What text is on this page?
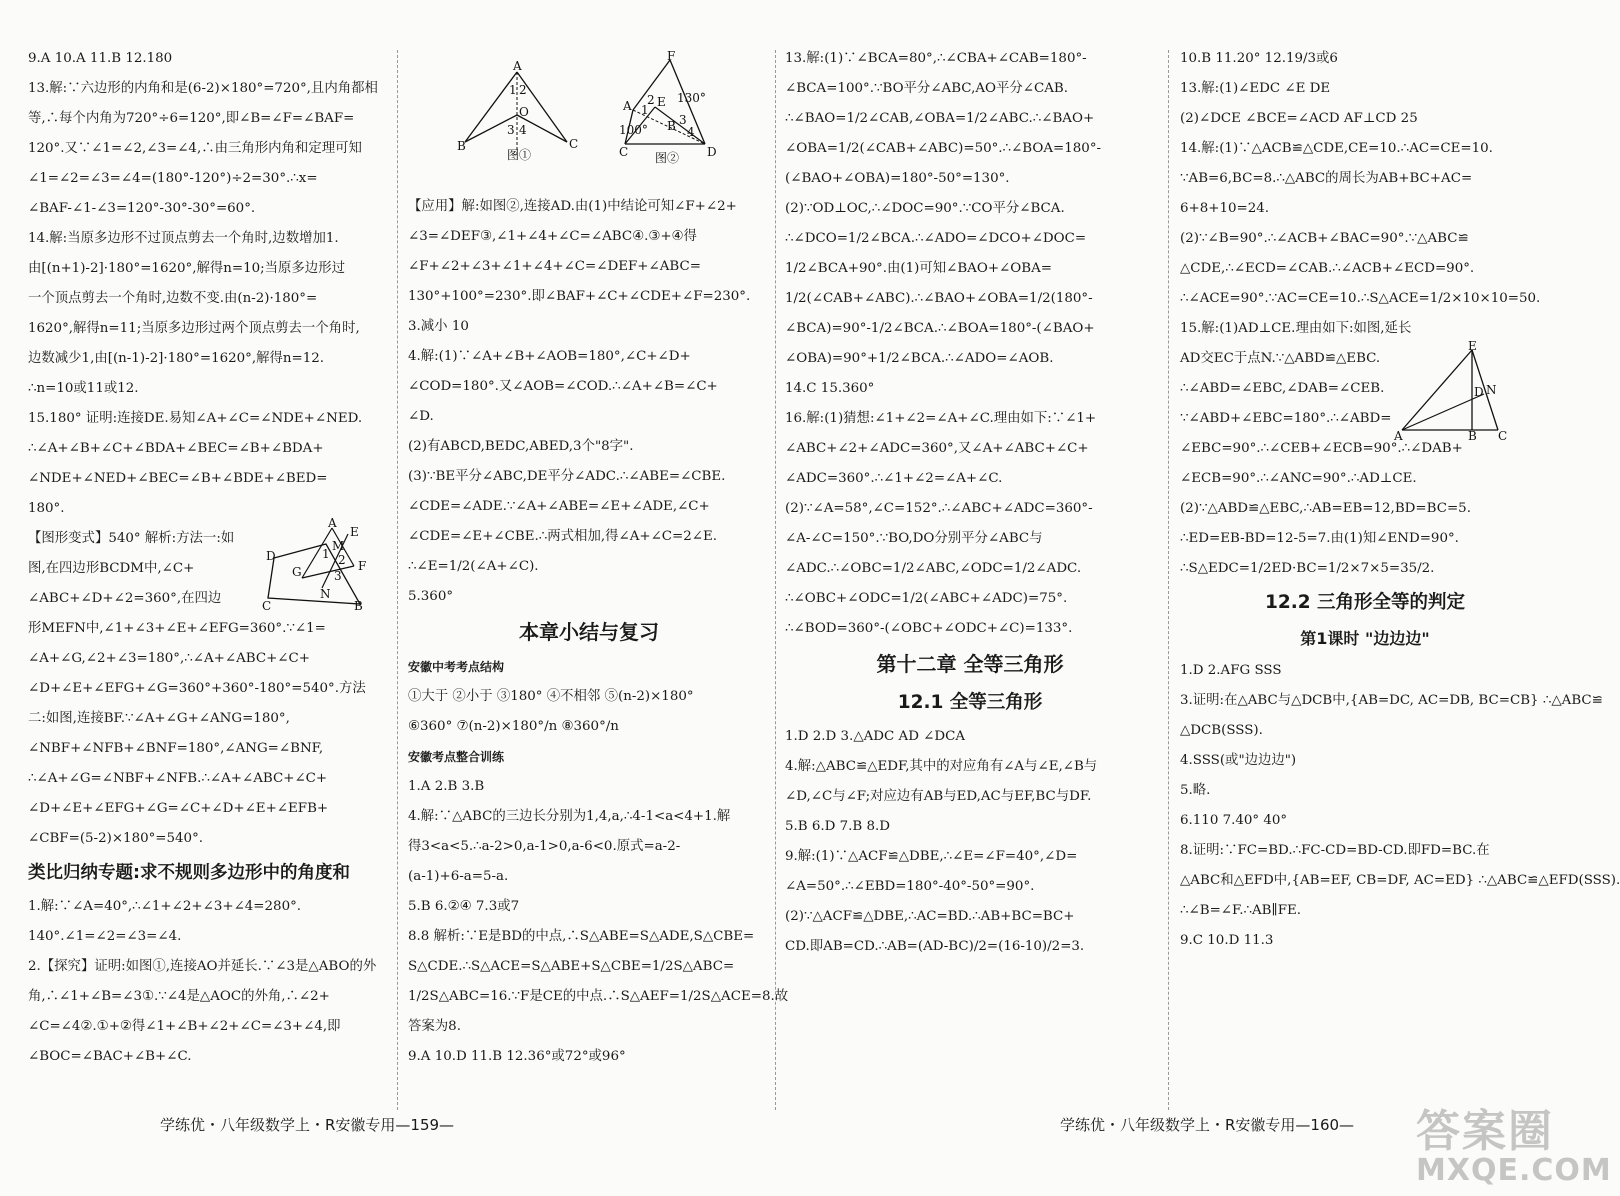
9.A 10.A 11.B 12.180
13.解:∵六边形的内角和是(6-2)×180°=720°,且内角都相
等,∴每个内角为720°÷6=120°,即∠B=∠F=∠BAF=
120°.又∵∠1=∠2,∠3=∠4,∴由三角形内角和定理可知
∠1=∠2=∠3=∠4=(180°-120°)÷2=30°.∴x=
∠BAF-∠1-∠3=120°-30°-30°=60°.
14.解:当原多边形不过顶点剪去一个角时,边数增加1.
由[(n+1)-2]·180°=1620°,解得n=10;当原多边形过
一个顶点剪去一个角时,边数不变.由(n-2)·180°=
1620°,解得n=11;当原多边形过两个顶点剪去一个角时,
边数减少1,由[(n-1)-2]·180°=1620°,解得n=12.
∴n=10或11或12.
15.180° 证明:连接DE.易知∠A+∠C=∠NDE+∠NED.
∴∠A+∠B+∠C+∠BDA+∠BEC=∠B+∠BDA+
∠NDE+∠NED+∠BEC=∠B+∠BDE+∠BED=
180°.
【图形变式】540° 解析:方法一:如
图,在四边形BCDM中,∠C+
∠ABC+∠D+∠2=360°,在四边
形MEFN中,∠1+∠3+∠E+∠EFG=360°.∵∠1=
∠A+∠G,∠2+∠3=180°,∴∠A+∠ABC+∠C+
∠D+∠E+∠EFG+∠G=360°+360°-180°=540°.方法
二:如图,连接BF.∵∠A+∠G+∠ANG=180°,
∠NBF+∠NFB+∠BNF=180°,∠ANG=∠BNF,
∴∠A+∠G=∠NBF+∠NFB.∴∠A+∠ABC+∠C+
∠D+∠E+∠EFG+∠G=∠C+∠D+∠E+∠EFB+
∠CBF=(5-2)×180°=540°.
类比归纳专题:求不规则多边形中的角度和
1.解:∵∠A=40°,∴∠1+∠2+∠3+∠4=280°.
140°.∠1=∠2=∠3=∠4.
2.【探究】证明:如图①,连接AO并延长.∵∠3是△ABO的外
角,∴∠1+∠B=∠3①.∵∠4是△AOC的外角,∴∠2+
∠C=∠4②.①+②得∠1+∠B+∠2+∠C=∠3+∠4,即
∠BOC=∠BAC+∠B+∠C.
【应用】解:如图②,连接AD.由(1)中结论可知∠F+∠2+
∠3=∠DEF③,∠1+∠4+∠C=∠ABC④.③+④得
∠F+∠2+∠3+∠1+∠4+∠C=∠DEF+∠ABC=
130°+100°=230°.即∠BAF+∠C+∠CDE+∠F=230°.
3.减小 10
4.解:(1)∵∠A+∠B+∠AOB=180°,∠C+∠D+
∠COD=180°.又∠AOB=∠COD.∴∠A+∠B=∠C+
∠D.
(2)有ABCD,BEDC,ABED,3个"8字".
(3)∵BE平分∠ABC,DE平分∠ADC.∴∠ABE=∠CBE.
∠CDE=∠ADE.∵∠A+∠ABE=∠E+∠ADE,∠C+
∠CDE=∠E+∠CBE.∴两式相加,得∠A+∠C=2∠E.
∴∠E=1/2(∠A+∠C).
5.360°
本章小结与复习
安徽中考考点结构
①大于 ②小于 ③180° ④不相邻 ⑤(n-2)×180°
⑥360° ⑦(n-2)×180°/n ⑧360°/n
安徽考点整合训练
1.A 2.B 3.B
4.解:∵△ABC的三边长分别为1,4,a,∴4-1<a<4+1.解
得3<a<5.∴a-2>0,a-1>0,a-6<0.原式=a-2-
(a-1)+6-a=5-a.
5.B 6.②④ 7.3或7
8.8 解析:∵E是BD的中点,∴S△ABE=S△ADE,S△CBE=
S△CDE.∴S△ACE=S△ABE+S△CBE=1/2S△ABC=
1/2S△ABC=16.∵F是CE的中点.∴S△AEF=1/2S△ACE=8.故
答案为8.
9.A 10.D 11.B 12.36°或72°或96°
13.解:(1)∵∠BCA=80°,∴∠CBA+∠CAB=180°-
∠BCA=100°.∵BO平分∠ABC,AO平分∠CAB.
∴∠BAO=1/2∠CAB,∠OBA=1/2∠ABC.∴∠BAO+
∠OBA=1/2(∠CAB+∠ABC)=50°.∴∠BOA=180°-
(∠BAO+∠OBA)=180°-50°=130°.
(2)∵OD⊥OC,∴∠DOC=90°.∵CO平分∠BCA.
∴∠DCO=1/2∠BCA.∴∠ADO=∠DCO+∠DOC=
1/2∠BCA+90°.由(1)可知∠BAO+∠OBA=
1/2(∠CAB+∠ABC).∴∠BAO+∠OBA=1/2(180°-
∠BCA)=90°-1/2∠BCA.∴∠BOA=180°-(∠BAO+
∠OBA)=90°+1/2∠BCA.∴∠ADO=∠AOB.
14.C 15.360°
16.解:(1)猜想:∠1+∠2=∠A+∠C.理由如下:∵∠1+
∠ABC+∠2+∠ADC=360°,又∠A+∠ABC+∠C+
∠ADC=360°.∴∠1+∠2=∠A+∠C.
(2)∵∠A=58°,∠C=152°.∴∠ABC+∠ADC=360°-
∠A-∠C=150°.∵BO,DO分别平分∠ABC与
∠ADC.∴∠OBC=1/2∠ABC,∠ODC=1/2∠ADC.
∴∠OBC+∠ODC=1/2(∠ABC+∠ADC)=75°.
∴∠BOD=360°-(∠OBC+∠ODC+∠C)=133°.
第十二章 全等三角形
12.1 全等三角形
1.D 2.D 3.△ADC AD ∠DCA
4.解:△ABC≌△EDF,其中的对应角有∠A与∠E,∠B与
∠D,∠C与∠F;对应边有AB与ED,AC与EF,BC与DF.
5.B 6.D 7.B 8.D
9.解:(1)∵△ACF≌△DBE,∴∠E=∠F=40°,∠D=
∠A=50°.∴∠EBD=180°-40°-50°=90°.
(2)∵△ACF≌△DBE,∴AC=BD.∴AB+BC=BC+
CD.即AB=CD.∴AB=(AD-BC)/2=(16-10)/2=3.
10.B 11.20° 12.19/3或6
13.解:(1)∠EDC ∠E DE
(2)∠DCE ∠BCE=∠ACD AF⊥CD 25
14.解:(1)∵△ACB≌△CDE,CE=10.∴AC=CE=10.
∵AB=6,BC=8.∴△ABC的周长为AB+BC+AC=
6+8+10=24.
(2)∵∠B=90°.∴∠ACB+∠BAC=90°.∵△ABC≌
△CDE,∴∠ECD=∠CAB.∴∠ACB+∠ECD=90°.
∴∠ACE=90°.∵AC=CE=10.∴S△ACE=1/2×10×10=50.
15.解:(1)AD⊥CE.理由如下:如图,延长
AD交EC于点N.∵△ABD≌△EBC.
∴∠ABD=∠EBC,∠DAB=∠CEB.
∵∠ABD+∠EBC=180°.∴∠ABD=
∠EBC=90°.∴∠CEB+∠ECB=90°.∴∠DAB+
∠ECB=90°.∴∠ANC=90°.∴AD⊥CE.
(2)∵△ABD≌△EBC,∴AB=EB=12,BD=BC=5.
∴ED=EB-BD=12-5=7.由(1)知∠END=90°.
∴S△EDC=1/2ED·BC=1/2×7×5=35/2.
12.2 三角形全等的判定
第1课时 "边边边"
1.D 2.AFG SSS
3.证明:在△ABC与△DCB中,{AB=DC, AC=DB, BC=CB} ∴△ABC≌
△DCB(SSS).
4.SSS(或"边边边")
5.略.
6.110 7.40° 40°
8.证明:∵FC=BD.∴FC-CD=BD-CD.即FD=BC.在
△ABC和△EFD中,{AB=EF, CB=DF, AC=ED} ∴△ABC≌△EFD(SSS).
∴∠B=∠F.∴AB∥FE.
9.C 10.D 11.3
A
B	C
O
1 2
3 4
图①
F
E
A
B
C	D
1
2
3
4
130°
100°
图②
A
B
C
D
E
F
G
M
N
1 2
3
E
D N
A	B C
学练优・八年级数学上・R安徽专用—159—	学练优・八年级数学上・R安徽专用—160— 答案圈
MXQE.COM
